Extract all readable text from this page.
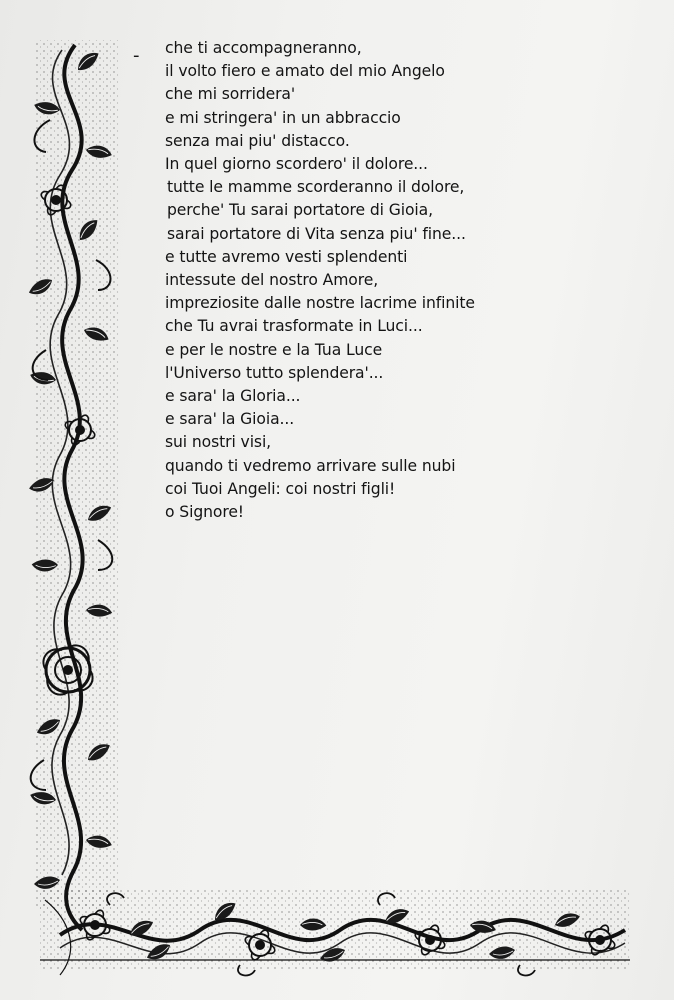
- che ti accompagneranno,
il volto fiero e amato del mio Angelo
che mi sorridera'
e mi stringera' in un abbraccio
senza mai piu' distacco.
In quel giorno scordero' il dolore...
tutte le mamme scorderanno il dolore,
perche' Tu sarai portatore di Gioia,
sarai portatore di Vita senza piu' fine...
e tutte avremo vesti splendenti
intessute del nostro Amore,
impreziosite dalle nostre lacrime infinite
che Tu avrai trasformate in Luci...
e per le nostre e la Tua Luce
l'Universo tutto splendera'...
e sara' la Gloria...
e sara' la Gioia...
sui nostri visi,
quando ti vedremo arrivare sulle nubi
coi Tuoi Angeli: coi nostri figli!
o Signore!
